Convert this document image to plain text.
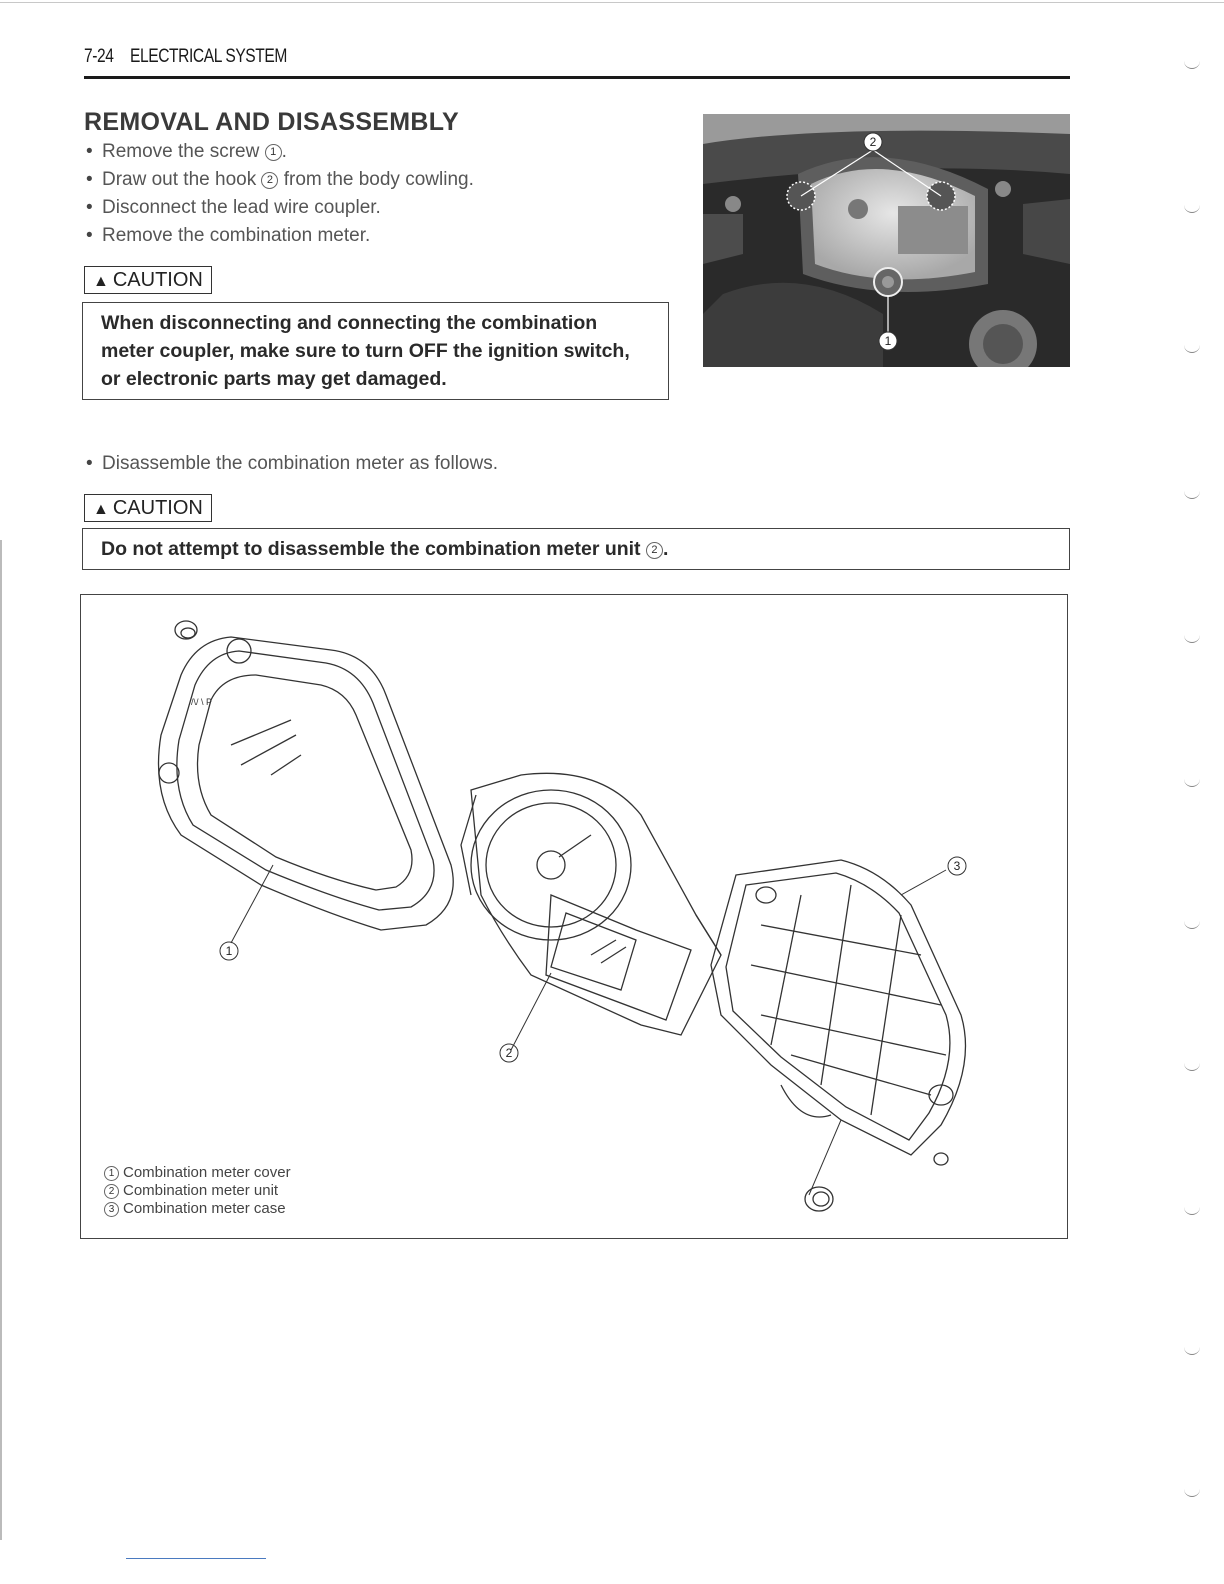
7-24 ELECTRICAL SYSTEM
REMOVAL AND DISASSEMBLY
• Remove the screw 1 .
• Draw out the hook 2 from the body cowling.
• Disconnect the lead wire coupler.
• Remove the combination meter.
▲ CAUTION
When disconnecting and connecting the combination meter coupler, make sure to turn OFF the ignition switch, or electronic parts may get damaged.
2
1
• Disassemble the combination meter as follows.
▲ CAUTION
Do not attempt to disassemble the combination meter unit 2 .
/\/ \ P
1
2
3
1 Combination meter cover
2 Combination meter unit
3 Combination meter case
